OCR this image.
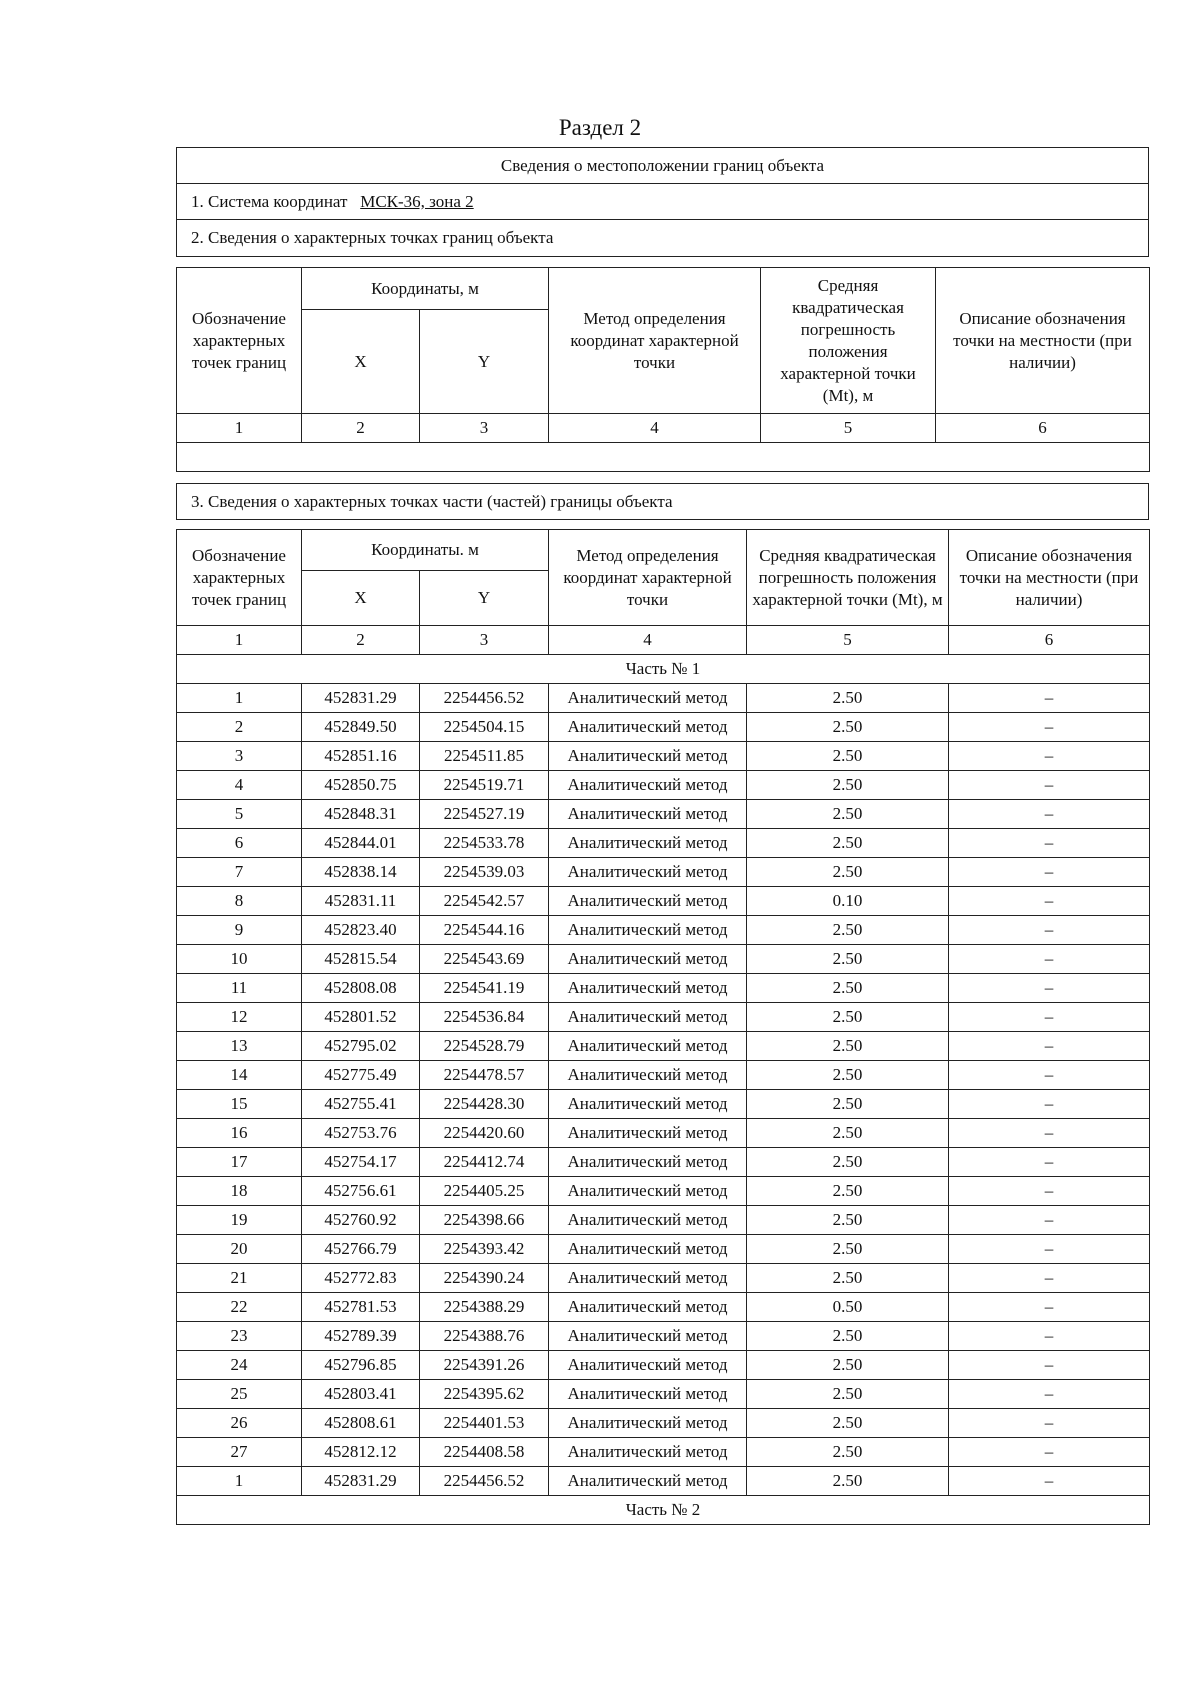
Раздел 2
Сведения о местоположении границ объекта
1. Система координат МСК-36, зона 2
2. Сведения о характерных точках границ объекта
Обозначение характерных точек границ	Координаты, м		Метод определения координат характерной точки	Средняя квадратическая погрешность положения характерной точки (Mt), м	Описание обозначения точки на местности (при наличии)
	X	Y			
1	2	3	4	5	6

3. Сведения о характерных точках части (частей) границы объекта
Обозначение характерных точек границ	Координаты. м		Метод определения координат характерной точки	Средняя квадратическая погрешность положения характерной точки (Mt), м	Описание обозначения точки на местности (при наличии)
	X	Y			
1	2	3	4	5	6
Часть № 1					
1	452831.29	2254456.52	Аналитический метод	2.50	–
2	452849.50	2254504.15	Аналитический метод	2.50	–
3	452851.16	2254511.85	Аналитический метод	2.50	–
4	452850.75	2254519.71	Аналитический метод	2.50	–
5	452848.31	2254527.19	Аналитический метод	2.50	–
6	452844.01	2254533.78	Аналитический метод	2.50	–
7	452838.14	2254539.03	Аналитический метод	2.50	–
8	452831.11	2254542.57	Аналитический метод	0.10	–
9	452823.40	2254544.16	Аналитический метод	2.50	–
10	452815.54	2254543.69	Аналитический метод	2.50	–
11	452808.08	2254541.19	Аналитический метод	2.50	–
12	452801.52	2254536.84	Аналитический метод	2.50	–
13	452795.02	2254528.79	Аналитический метод	2.50	–
14	452775.49	2254478.57	Аналитический метод	2.50	–
15	452755.41	2254428.30	Аналитический метод	2.50	–
16	452753.76	2254420.60	Аналитический метод	2.50	–
17	452754.17	2254412.74	Аналитический метод	2.50	–
18	452756.61	2254405.25	Аналитический метод	2.50	–
19	452760.92	2254398.66	Аналитический метод	2.50	–
20	452766.79	2254393.42	Аналитический метод	2.50	–
21	452772.83	2254390.24	Аналитический метод	2.50	–
22	452781.53	2254388.29	Аналитический метод	0.50	–
23	452789.39	2254388.76	Аналитический метод	2.50	–
24	452796.85	2254391.26	Аналитический метод	2.50	–
25	452803.41	2254395.62	Аналитический метод	2.50	–
26	452808.61	2254401.53	Аналитический метод	2.50	–
27	452812.12	2254408.58	Аналитический метод	2.50	–
1	452831.29	2254456.52	Аналитический метод	2.50	–
Часть № 2					
